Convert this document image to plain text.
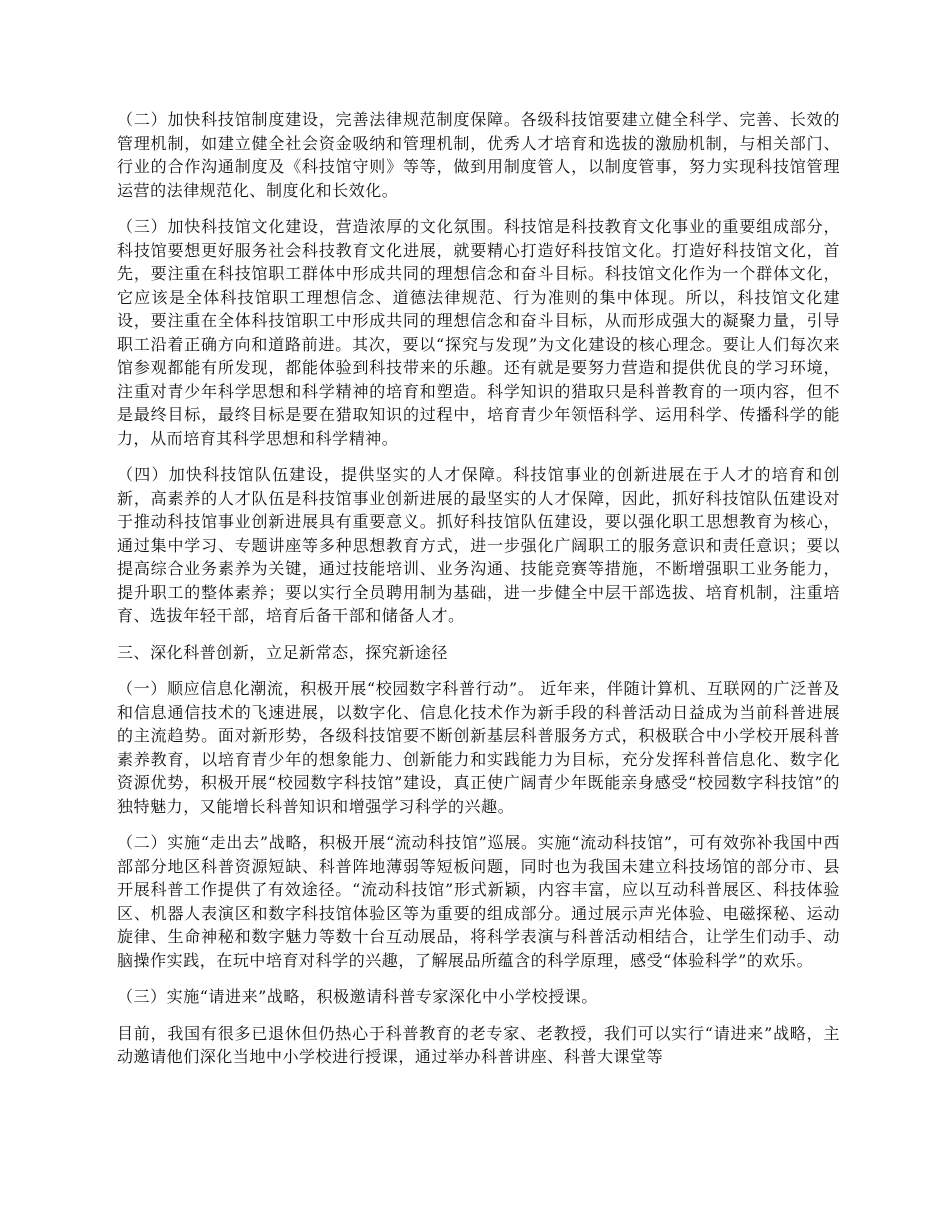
（二）加快科技馆制度建设，完善法律规范制度保障。各级科技馆要建立健全科学、完善、长效的管理机制，如建立健全社会资金吸纳和管理机制，优秀人才培育和选拔的激励机制，与相关部门、行业的合作沟通制度及《科技馆守则》等等，做到用制度管人，以制度管事，努力实现科技馆管理运营的法律规范化、制度化和长效化。

（三）加快科技馆文化建设，营造浓厚的文化氛围。科技馆是科技教育文化事业的重要组成部分，科技馆要想更好服务社会科技教育文化进展，就要精心打造好科技馆文化。打造好科技馆文化，首先，要注重在科技馆职工群体中形成共同的理想信念和奋斗目标。科技馆文化作为一个群体文化，它应该是全体科技馆职工理想信念、道德法律规范、行为准则的集中体现。所以，科技馆文化建设，要注重在全体科技馆职工中形成共同的理想信念和奋斗目标，从而形成强大的凝聚力量，引导职工沿着正确方向和道路前进。其次，要以“探究与发现”为文化建设的核心理念。要让人们每次来馆参观都能有所发现，都能体验到科技带来的乐趣。还有就是要努力营造和提供优良的学习环境，注重对青少年科学思想和科学精神的培育和塑造。科学知识的猎取只是科普教育的一项内容，但不是最终目标，最终目标是要在猎取知识的过程中，培育青少年领悟科学、运用科学、传播科学的能力，从而培育其科学思想和科学精神。

（四）加快科技馆队伍建设，提供坚实的人才保障。科技馆事业的创新进展在于人才的培育和创新，高素养的人才队伍是科技馆事业创新进展的最坚实的人才保障，因此，抓好科技馆队伍建设对于推动科技馆事业创新进展具有重要意义。抓好科技馆队伍建设，要以强化职工思想教育为核心，通过集中学习、专题讲座等多种思想教育方式，进一步强化广阔职工的服务意识和责任意识；要以提高综合业务素养为关键，通过技能培训、业务沟通、技能竞赛等措施，不断增强职工业务能力，提升职工的整体素养；要以实行全员聘用制为基础，进一步健全中层干部选拔、培育机制，注重培育、选拔年轻干部，培育后备干部和储备人才。

三、深化科普创新，立足新常态，探究新途径

（一）顺应信息化潮流，积极开展“校园数字科普行动”。 近年来，伴随计算机、互联网的广泛普及和信息通信技术的飞速进展，以数字化、信息化技术作为新手段的科普活动日益成为当前科普进展的主流趋势。面对新形势，各级科技馆要不断创新基层科普服务方式，积极联合中小学校开展科普素养教育，以培育青少年的想象能力、创新能力和实践能力为目标，充分发挥科普信息化、数字化资源优势，积极开展“校园数字科技馆”建设，真正使广阔青少年既能亲身感受“校园数字科技馆”的独特魅力，又能增长科普知识和增强学习科学的兴趣。

（二）实施“走出去”战略，积极开展“流动科技馆”巡展。实施“流动科技馆”，可有效弥补我国中西部部分地区科普资源短缺、科普阵地薄弱等短板问题，同时也为我国未建立科技场馆的部分市、县开展科普工作提供了有效途径。“流动科技馆”形式新颖，内容丰富，应以互动科普展区、科技体验区、机器人表演区和数字科技馆体验区等为重要的组成部分。通过展示声光体验、电磁探秘、运动旋律、生命神秘和数字魅力等数十台互动展品，将科学表演与科普活动相结合，让学生们动手、动脑操作实践，在玩中培育对科学的兴趣，了解展品所蕴含的科学原理，感受“体验科学”的欢乐。

（三）实施“请进来”战略，积极邀请科普专家深化中小学校授课。

目前，我国有很多已退休但仍热心于科普教育的老专家、老教授，我们可以实行“请进来”战略，主动邀请他们深化当地中小学校进行授课，通过举办科普讲座、科普大课堂等
